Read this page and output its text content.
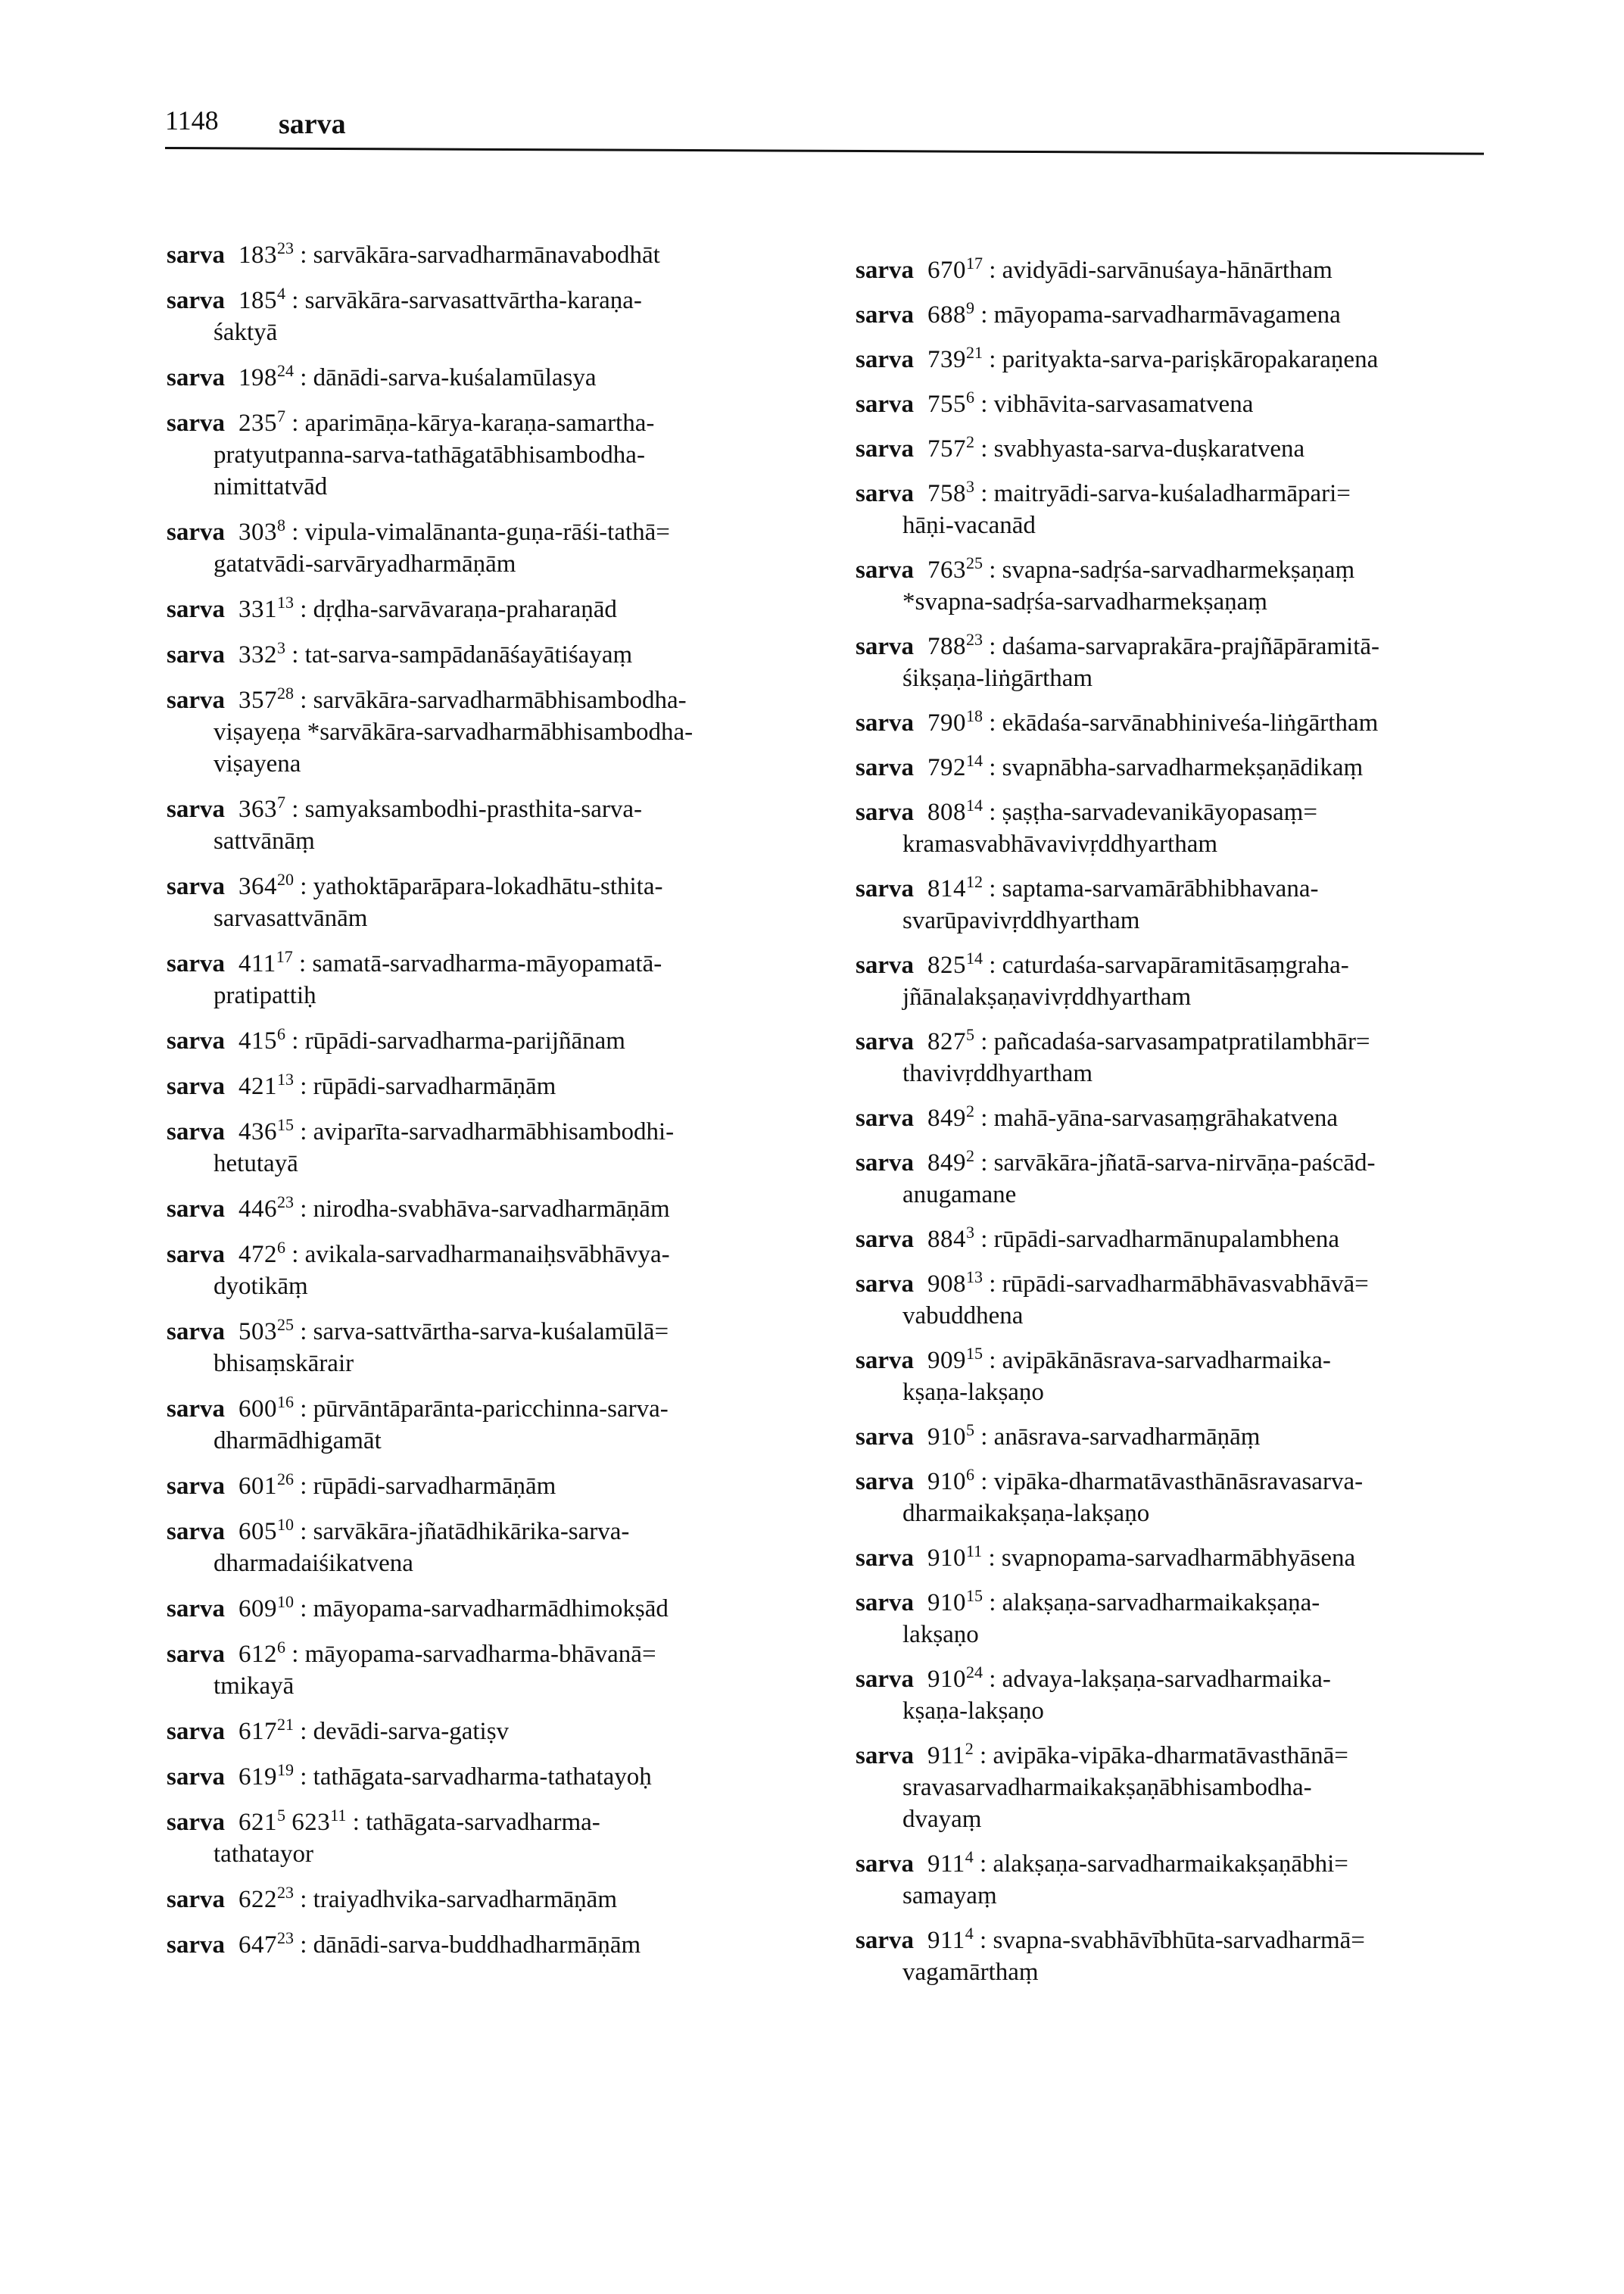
1148 sarva
sarva $183^{23}$ : sarvākāra-sarvadharmānavabodhāt
sarva $185^4$ : sarvākāra-sarvasattvārtha-karaṇa-
śaktyā
sarva $198^{24}$ : dānādi-sarva-kuśalamūlasya
sarva $235^7$ : aparimāṇa-kārya-karaṇa-samartha-
pratyutpanna-sarva-tathāgatābhisambodha-
nimittatvād
sarva $303^8$ : vipula-vimalānanta-guṇa-rāśi-tathā=
gatatvādi-sarvāryadharmāṇām
sarva $331^{13}$ : dṛḍha-sarvāvaraṇa-praharaṇād
sarva $332^3$ : tat-sarva-sampādanāśayātiśayaṃ
sarva $357^{28}$ : sarvākāra-sarvadharmābhisambodha-
viṣayeṇa *sarvākāra-sarvadharmābhisambodha-
viṣayena
sarva $363^7$ : samyaksambodhi-prasthita-sarva-
sattvānāṃ
sarva $364^{20}$ : yathoktāparāpara-lokadhātu-sthita-
sarvasattvānām
sarva $411^{17}$ : samatā-sarvadharma-māyopamatā-
pratipattiḥ
sarva $415^6$ : rūpādi-sarvadharma-parijñānam
sarva $421^{13}$ : rūpādi-sarvadharmāṇām
sarva $436^{15}$ : aviparīta-sarvadharmābhisambodhi-
hetutayā
sarva $446^{23}$ : nirodha-svabhāva-sarvadharmāṇām
sarva $472^6$ : avikala-sarvadharmanaiḥsvābhāvya-
dyotikāṃ
sarva $503^{25}$ : sarva-sattvārtha-sarva-kuśalamūlā=
bhisaṃskārair
sarva $600^{16}$ : pūrvāntāparānta-paricchinna-sarva-
dharmādhigamāt
sarva $601^{26}$ : rūpādi-sarvadharmāṇām
sarva $605^{10}$ : sarvākāra-jñatādhikārika-sarva-
dharmadaiśikatvena
sarva $609^{10}$ : māyopama-sarvadharmādhimokṣād
sarva $612^6$ : māyopama-sarvadharma-bhāvanā=
tmikayā
sarva $617^{21}$ : devādi-sarva-gatiṣv
sarva $619^{19}$ : tathāgata-sarvadharma-tathatayoḥ
sarva $621^5$ $623^{11}$ : tathāgata-sarvadharma-
tathatayor
sarva $622^{23}$ : traiyadhvika-sarvadharmāṇām
sarva $647^{23}$ : dānādi-sarva-buddhadharmāṇām
sarva $670^{17}$ : avidyādi-sarvānuśaya-hānārtham
sarva $688^9$ : māyopama-sarvadharmāvagamena
sarva $739^{21}$ : parityakta-sarva-pariṣkāropakaraṇena
sarva $755^6$ : vibhāvita-sarvasamatvena
sarva $757^2$ : svabhyasta-sarva-duṣkaratvena
sarva $758^3$ : maitryādi-sarva-kuśaladharmāpari=
hāṇi-vacanād
sarva $763^{25}$ : svapna-sadṛśa-sarvadharmekṣaṇaṃ
*svapna-sadṛśa-sarvadharmekṣaṇaṃ
sarva $788^{23}$ : daśama-sarvaprakāra-prajñāpāramitā-
śikṣaṇa-liṅgārtham
sarva $790^{18}$ : ekādaśa-sarvānabhiniveśa-liṅgārtham
sarva $792^{14}$ : svapnābha-sarvadharmekṣaṇādikaṃ
sarva $808^{14}$ : ṣaṣṭha-sarvadevanikāyopasaṃ=
kramasvabhāvavivṛddhyartham
sarva $814^{12}$ : saptama-sarvamārābhibhavana-
svarūpavivṛddhyartham
sarva $825^{14}$ : caturdaśa-sarvapāramitāsaṃgraha-
jñānalakṣaṇavivṛddhyartham
sarva $827^5$ : pañcadaśa-sarvasampatpratilambhār=
thavivṛddhyartham
sarva $849^2$ : mahā-yāna-sarvasaṃgrāhakatvena
sarva $849^2$ : sarvākāra-jñatā-sarva-nirvāṇa-paścād-
anugamane
sarva $884^3$ : rūpādi-sarvadharmānupalambhena
sarva $908^{13}$ : rūpādi-sarvadharmābhāvasvabhāvā=
vabuddhena
sarva $909^{15}$ : avipākānāsrava-sarvadharmaika-
kṣaṇa-lakṣaṇo
sarva $910^5$ : anāsrava-sarvadharmāṇāṃ
sarva $910^6$ : vipāka-dharmatāvasthānāsravasarva-
dharmaikakṣaṇa-lakṣaṇo
sarva $910^{11}$ : svapnopama-sarvadharmābhyāsena
sarva $910^{15}$ : alakṣaṇa-sarvadharmaikakṣaṇa-
lakṣaṇo
sarva $910^{24}$ : advaya-lakṣaṇa-sarvadharmaika-
kṣaṇa-lakṣaṇo
sarva $911^2$ : avipāka-vipāka-dharmatāvasthānā=
sravasarvadharmaikakṣaṇābhisambodha-
dvayaṃ
sarva $911^4$ : alakṣaṇa-sarvadharmaikakṣaṇābhi=
samayaṃ
sarva $911^4$ : svapna-svabhāvībhūta-sarvadharmā=
vagamārthaṃ
